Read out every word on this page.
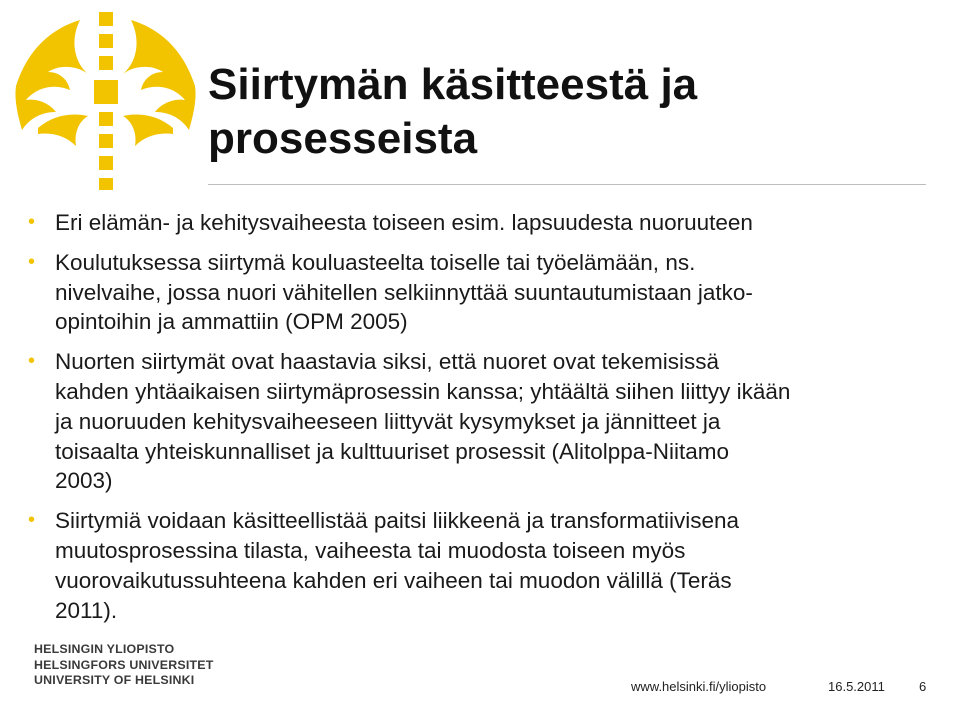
Siirtymän käsitteestä ja
prosesseista
• Eri elämän- ja kehitysvaiheesta toiseen esim. lapsuudesta nuoruuteen
• Koulutuksessa siirtymä kouluasteelta toiselle tai työelämään, ns.
nivelvaihe, jossa nuori vähitellen selkiinnyttää suuntautumistaan jatko-
opintoihin ja ammattiin (OPM 2005)
• Nuorten siirtymät ovat haastavia siksi, että nuoret ovat tekemisissä
kahden yhtäaikaisen siirtymäprosessin kanssa; yhtäältä siihen liittyy ikään
ja nuoruuden kehitysvaiheeseen liittyvät kysymykset ja jännitteet ja
toisaalta yhteiskunnalliset ja kulttuuriset prosessit (Alitolppa-Niitamo
2003)
• Siirtymiä voidaan käsitteellistää paitsi liikkeenä ja transformatiivisena
muutosprosessina tilasta, vaiheesta tai muodosta toiseen myös
vuorovaikutussuhteena kahden eri vaiheen tai muodon välillä (Teräs
2011).
HELSINGIN YLIOPISTO
HELSINGFORS UNIVERSITET
UNIVERSITY OF HELSINKI	www.helsinki.fi/yliopisto	16.5.2011	6
